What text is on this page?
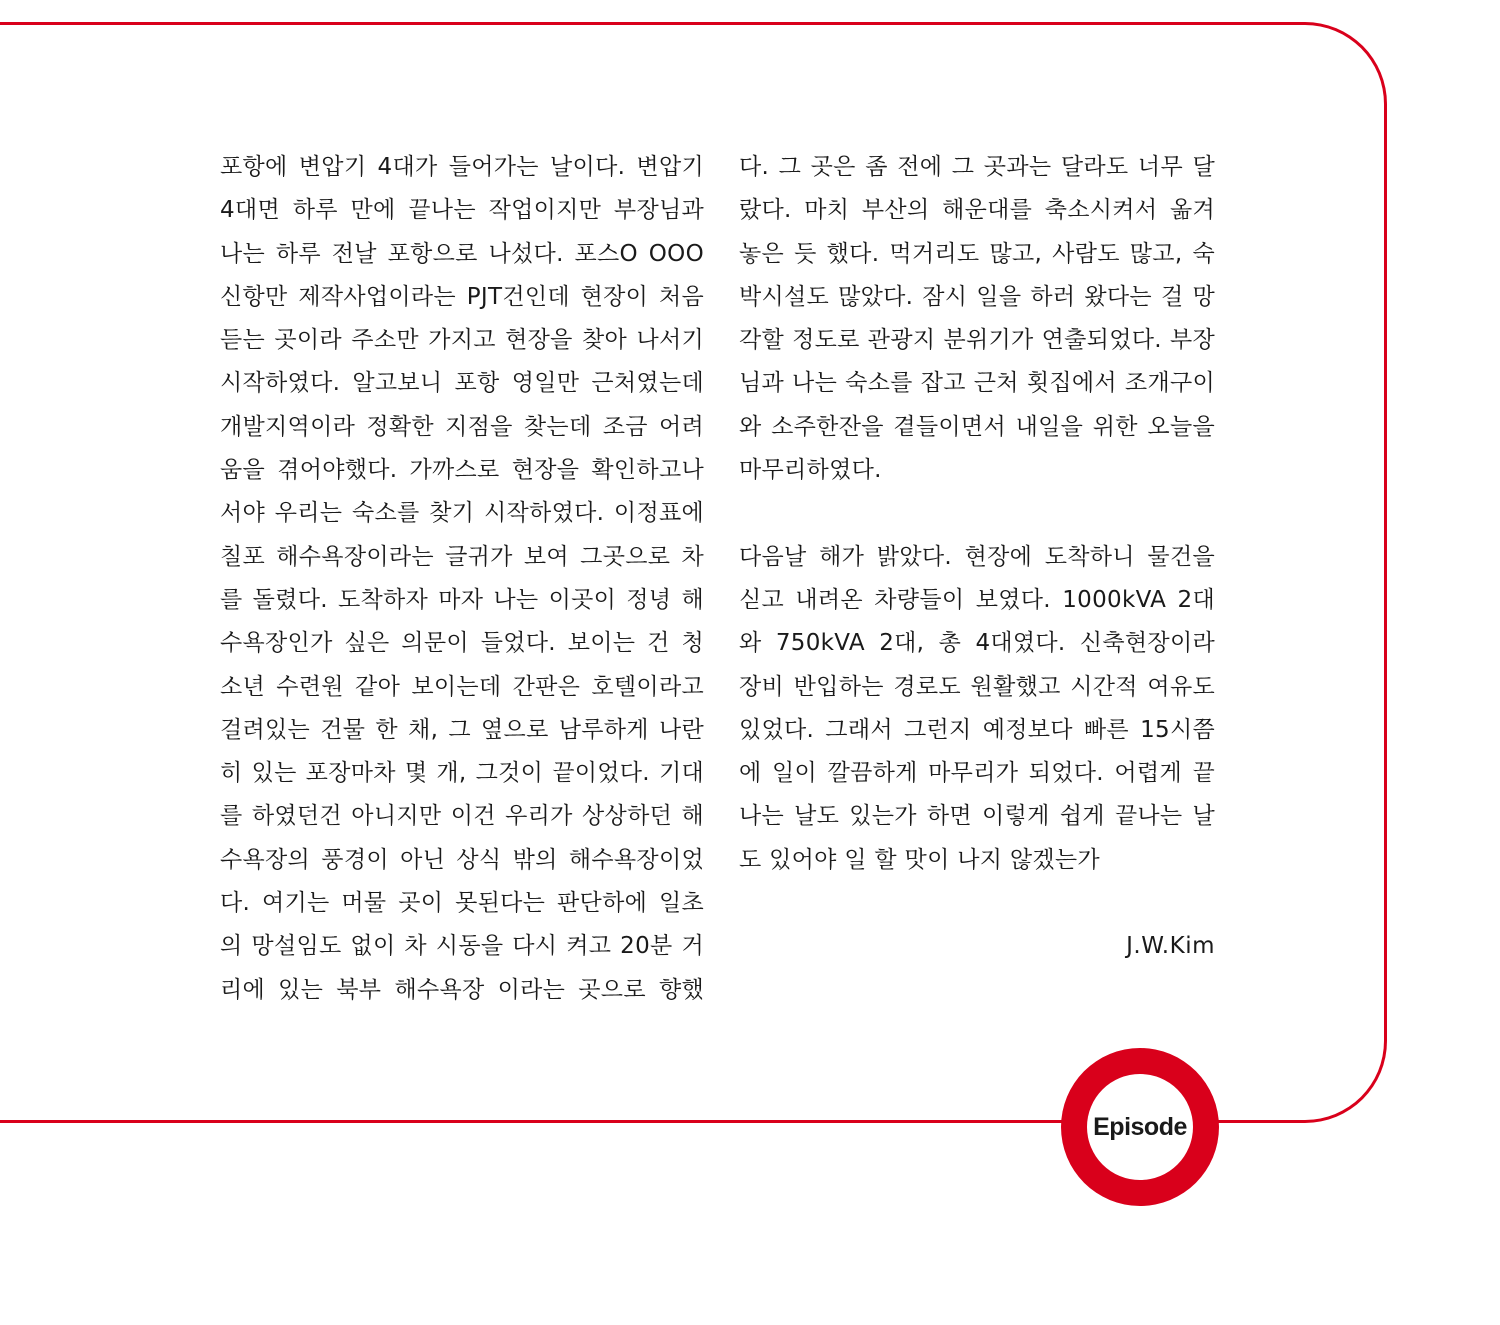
포항에 변압기 4대가 들어가는 날이다. 변압기
4대면 하루 만에 끝나는 작업이지만 부장님과
나는 하루 전날 포항으로 나섰다. 포스O OOO
신항만 제작사업이라는 PJT건인데 현장이 처음
듣는 곳이라 주소만 가지고 현장을 찾아 나서기
시작하였다. 알고보니 포항 영일만 근처였는데
개발지역이라 정확한 지점을 찾는데 조금 어려
움을 겪어야했다. 가까스로 현장을 확인하고나
서야 우리는 숙소를 찾기 시작하였다. 이정표에
칠포 해수욕장이라는 글귀가 보여 그곳으로 차
를 돌렸다. 도착하자 마자 나는 이곳이 정녕 해
수욕장인가 싶은 의문이 들었다. 보이는 건 청
소년 수련원 같아 보이는데 간판은 호텔이라고
걸려있는 건물 한 채, 그 옆으로 남루하게 나란
히 있는 포장마차 몇 개, 그것이 끝이었다. 기대
를 하였던건 아니지만 이건 우리가 상상하던 해
수욕장의 풍경이 아닌 상식 밖의 해수욕장이었
다. 여기는 머물 곳이 못된다는 판단하에 일초
의 망설임도 없이 차 시동을 다시 켜고 20분 거
리에 있는 북부 해수욕장 이라는 곳으로 향했
다. 그 곳은 좀 전에 그 곳과는 달라도 너무 달
랐다. 마치 부산의 해운대를 축소시켜서 옮겨
놓은 듯 했다. 먹거리도 많고, 사람도 많고, 숙
박시설도 많았다. 잠시 일을 하러 왔다는 걸 망
각할 정도로 관광지 분위기가 연출되었다. 부장
님과 나는 숙소를 잡고 근처 횟집에서 조개구이
와 소주한잔을 곁들이면서 내일을 위한 오늘을
마무리하였다.
다음날 해가 밝았다. 현장에 도착하니 물건을
싣고 내려온 차량들이 보였다. 1000kVA 2대
와 750kVA 2대, 총 4대였다. 신축현장이라
장비 반입하는 경로도 원활했고 시간적 여유도
있었다. 그래서 그런지 예정보다 빠른 15시쯤
에 일이 깔끔하게 마무리가 되었다. 어렵게 끝
나는 날도 있는가 하면 이렇게 쉽게 끝나는 날
도 있어야 일 할 맛이 나지 않겠는가
J.W.Kim
Episode
